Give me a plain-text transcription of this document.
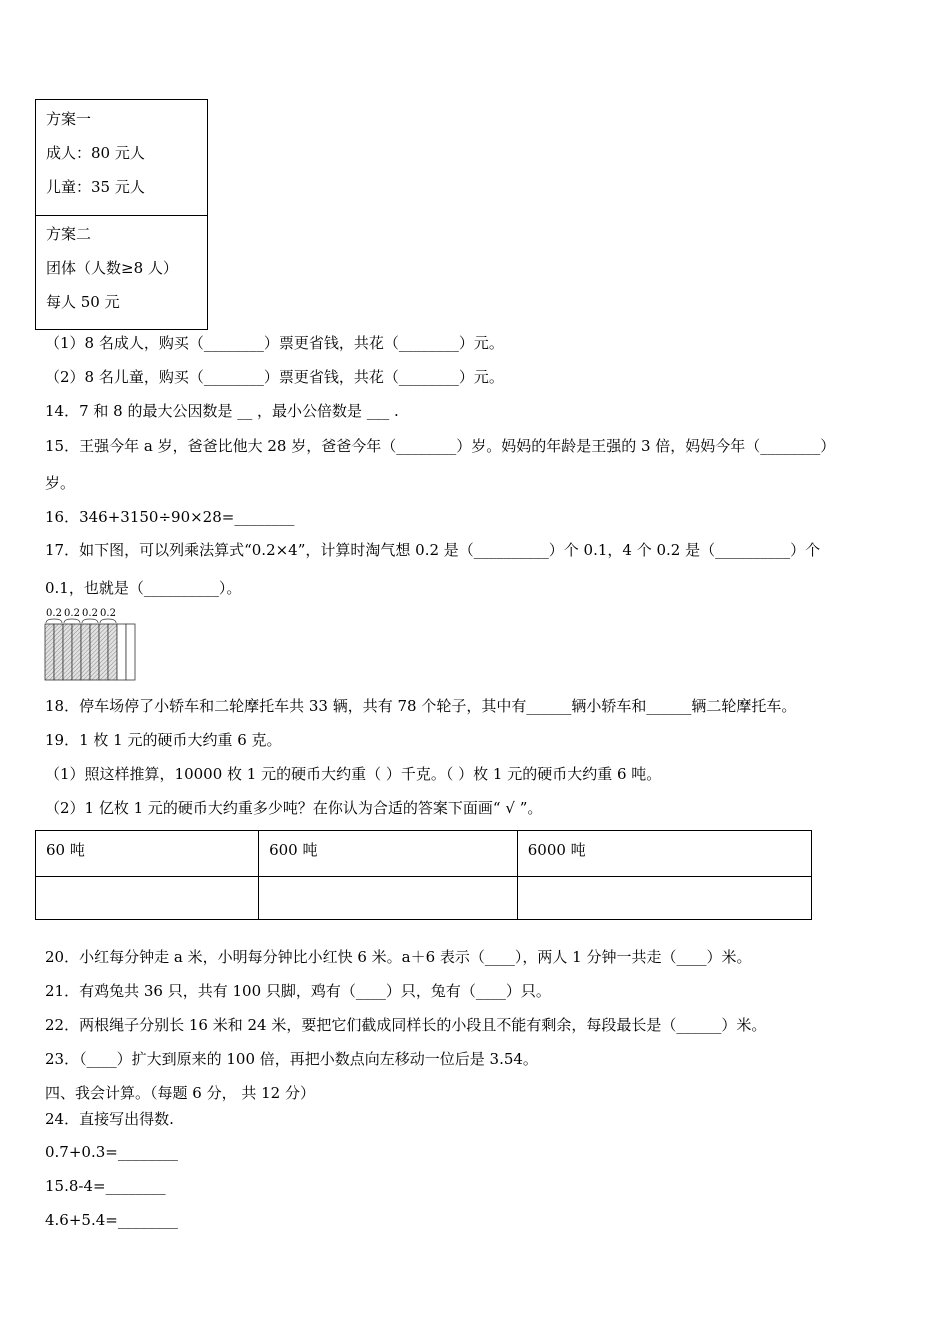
方案一
成人：80 元人
儿童：35 元人
方案二
团体（人数≥8 人）
每人 50 元
（1）8 名成人，购买（________）票更省钱，共花（________）元。
（2）8 名儿童，购买（________）票更省钱，共花（________）元。
14．7 和 8 的最大公因数是 __ ，最小公倍数是 ___ .
15．王强今年 a 岁，爸爸比他大 28 岁，爸爸今年（________）岁。妈妈的年龄是王强的 3 倍，妈妈今年（________）
岁。
16．346+3150÷90×28=________
17．如下图，可以列乘法算式“0.2×4”，计算时淘气想 0.2 是（__________）个 0.1，4 个 0.2 是（__________）个
0.1，也就是（__________）。
0.2 0.2 0.2 0.2
18．停车场停了小轿车和二轮摩托车共 33 辆，共有 78 个轮子，其中有______辆小轿车和______辆二轮摩托车。
19．1 枚 1 元的硬币大约重 6 克。
（1）照这样推算，10000 枚 1 元的硬币大约重（ ）千克。（ ）枚 1 元的硬币大约重 6 吨。
（2）1 亿枚 1 元的硬币大约重多少吨？在你认为合适的答案下面画“ √ ”。
60 吨	600 吨	6000 吨

20．小红每分钟走 a 米，小明每分钟比小红快 6 米。a＋6 表示（____），两人 1 分钟一共走（____）米。
21．有鸡兔共 36 只，共有 100 只脚，鸡有（____）只，兔有（____）只。
22．两根绳子分别长 16 米和 24 米，要把它们截成同样长的小段且不能有剩余，每段最长是（______）米。
23．（____）扩大到原来的 100 倍，再把小数点向左移动一位后是 3.54。
四、我会计算。（每题 6 分， 共 12 分）
24．直接写出得数.
0.7+0.3=________
15.8-4=________
4.6+5.4=________
